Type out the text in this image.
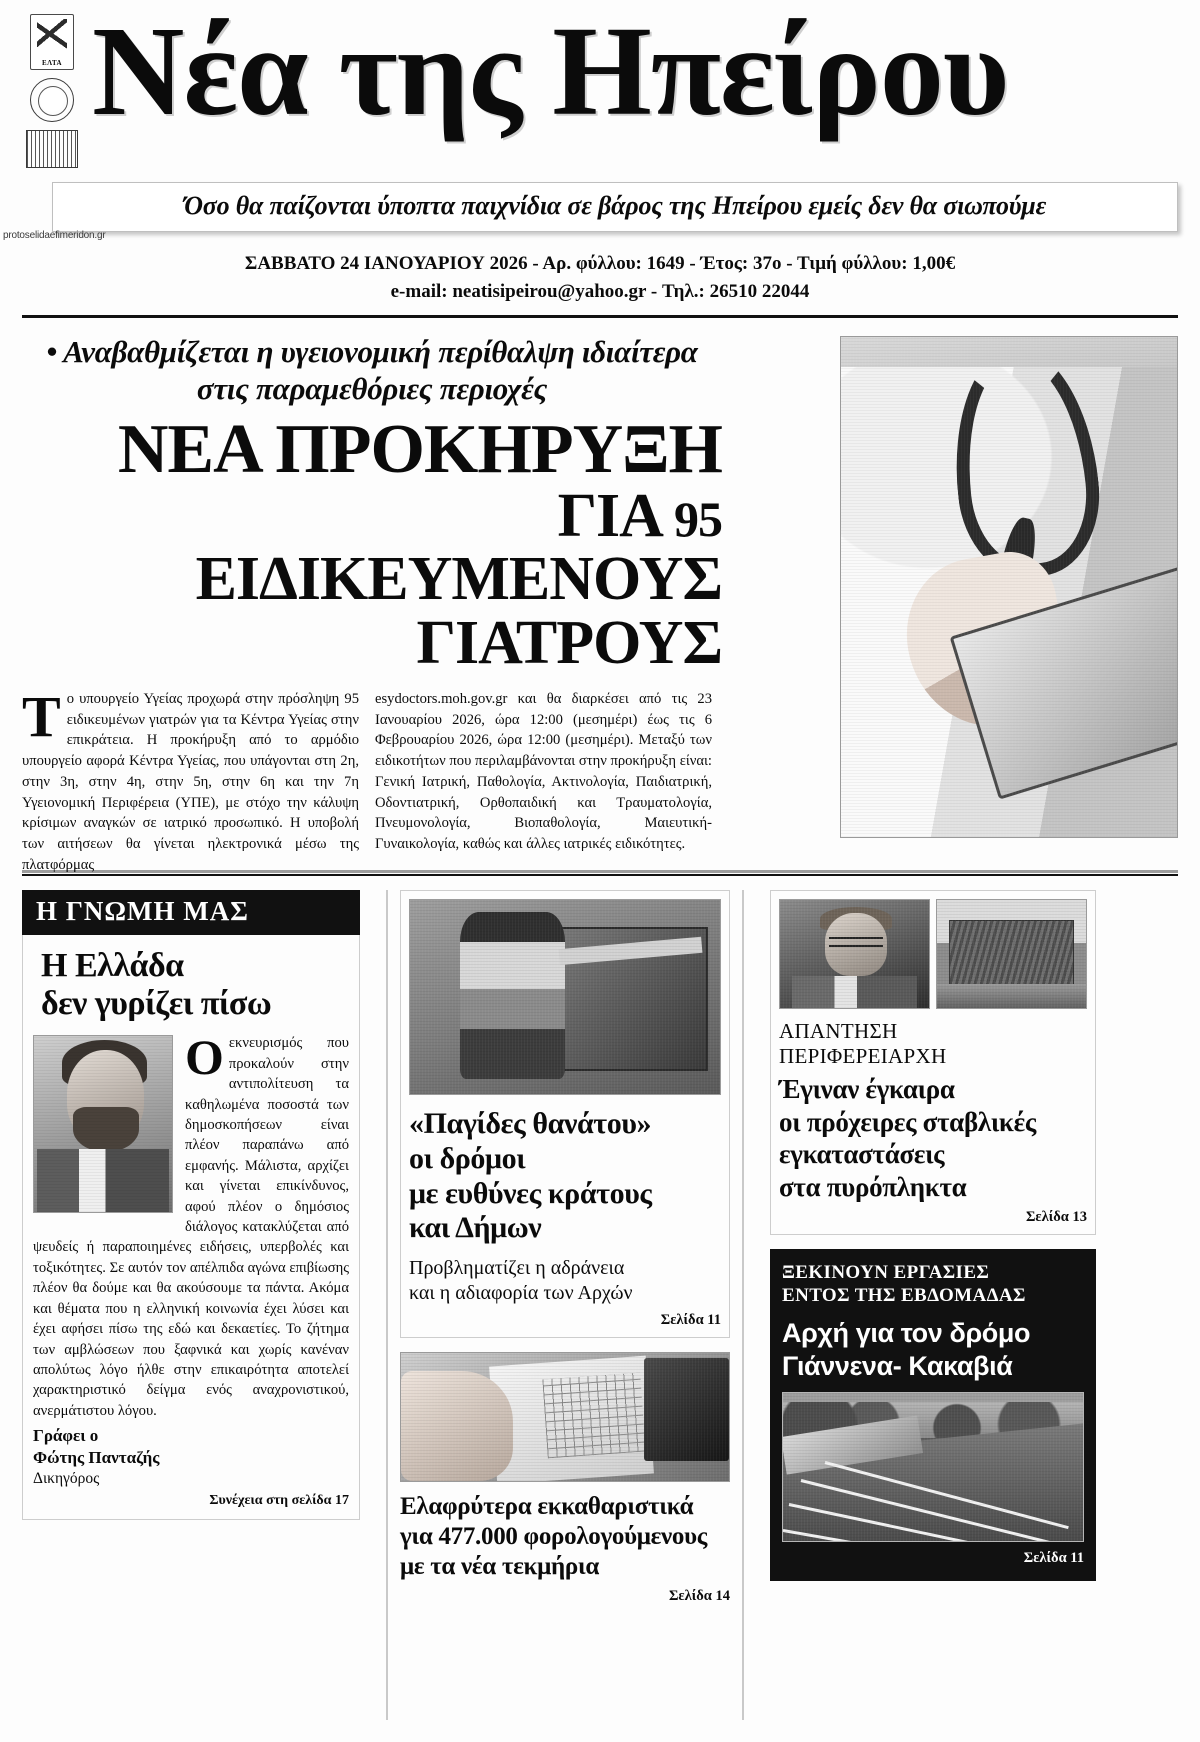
ΕΛΤΑ Νέα της Ηπείρου
Όσο θα παίζονται ύποπτα παιχνίδια σε βάρος της Ηπείρου εμείς δεν θα σιωπούμε
protoselidaefimeridon.gr
ΣΑΒΒΑΤΟ 24 ΙΑΝΟΥΑΡΙΟΥ 2026 - Αρ. φύλλου: 1649 - Έτος: 37ο - Τιμή φύλλου: 1,00€
e-mail: neatisipeirou@yahoo.gr - Τηλ.: 26510 22044
• Αναβαθμίζεται η υγειονομική περίθαλψη ιδιαίτερα στις παραμεθόριες περιοχές
ΝΕΑ ΠΡΟΚΗΡΥΞΗ
ΓΙΑ 95 ΕΙΔΙΚΕΥΜΕΝΟΥΣ
ΓΙΑΤΡΟΥΣ

Το υπουργείο Υγείας προχωρά στην πρόσληψη 95 ειδικευμένων γιατρών για τα Κέντρα Υγείας στην επικράτεια. Η προκήρυξη από το αρμόδιο υπουργείο αφορά Κέντρα Υγείας, που υπάγονται στη 2η, στην 3η, στην 4η, στην 5η, στην 6η και την 7η Υγειονομική Περιφέρεια (ΥΠΕ), με στόχο την κάλυψη κρίσιμων αναγκών σε ιατρικό προσωπικό. Η υποβολή των αιτήσεων θα γίνεται ηλεκτρονικά μέσω της πλατφόρμας

esydoctors.moh.gov.gr και θα διαρκέσει από τις 23 Ιανουαρίου 2026, ώρα 12:00 (μεσημέρι) έως τις 6 Φεβρουαρίου 2026, ώρα 12:00 (μεσημέρι). Μεταξύ των ειδικοτήτων που περιλαμβάνονται στην προκήρυξη είναι: Γενική Ιατρική, Παθολογία, Ακτινολογία, Παιδιατρική, Οδοντιατρική, Ορθοπαιδική και Τραυματολογία, Πνευμονολογία, Βιοπαθολογία, Μαιευτική-Γυναικολογία, καθώς και άλλες ιατρικές ειδικότητες.

Η ΓΝΩΜΗ ΜΑΣ
Η Ελλάδα
δεν γυρίζει πίσω

Οεκνευρισμός που προκαλούν στην αντιπολίτευση τα καθηλωμένα ποσοστά των δημοσκοπήσεων είναι πλέον παραπάνω από εμφανής. Μάλιστα, αρχίζει και γίνεται επικίνδυνος, αφού πλέον ο δημόσιος διάλογος κατακλύζεται από ψευδείς ή παραποιημένες ειδήσεις, υπερβολές και τοξικότητες. Σε αυτόν τον απέλπιδα αγώνα επιβίωσης πλέον θα δούμε και θα ακούσουμε τα πάντα. Ακόμα και θέματα που η ελληνική κοινωνία έχει λύσει και έχει αφήσει πίσω της εδώ και δεκαετίες. Το ζήτημα των αμβλώσεων που ξαφνικά και χωρίς κανέναν απολύτως λόγο ήλθε στην επικαιρότητα αποτελεί χαρακτηριστικό δείγμα ενός αναχρονιστικού, ανερμάτιστου λόγου.

Γράφει ο
Φώτης Πανταζής
Δικηγόρος
Συνέχεια στη σελίδα 17
«Παγίδες θανάτου»
οι δρόμοι
με ευθύνες κράτους
και Δήμων
Προβληματίζει η αδράνεια
και η αδιαφορία των Αρχών
Σελίδα 11
Ελαφρύτερα εκκαθαριστικά
για 477.000 φορολογούμενους
με τα νέα τεκμήρια
Σελίδα 14
ΑΠΑΝΤΗΣΗ
ΠΕΡΙΦΕΡΕΙΑΡΧΗ
Έγιναν έγκαιρα
οι πρόχειρες σταβλικές
εγκαταστάσεις
στα πυρόπληκτα
Σελίδα 13
ΞΕΚΙΝΟΥΝ ΕΡΓΑΣΙΕΣ
ΕΝΤΟΣ ΤΗΣ ΕΒΔΟΜΑΔΑΣ
Αρχή για τον δρόμο
Γιάννενα- Κακαβιά
Σελίδα 11
